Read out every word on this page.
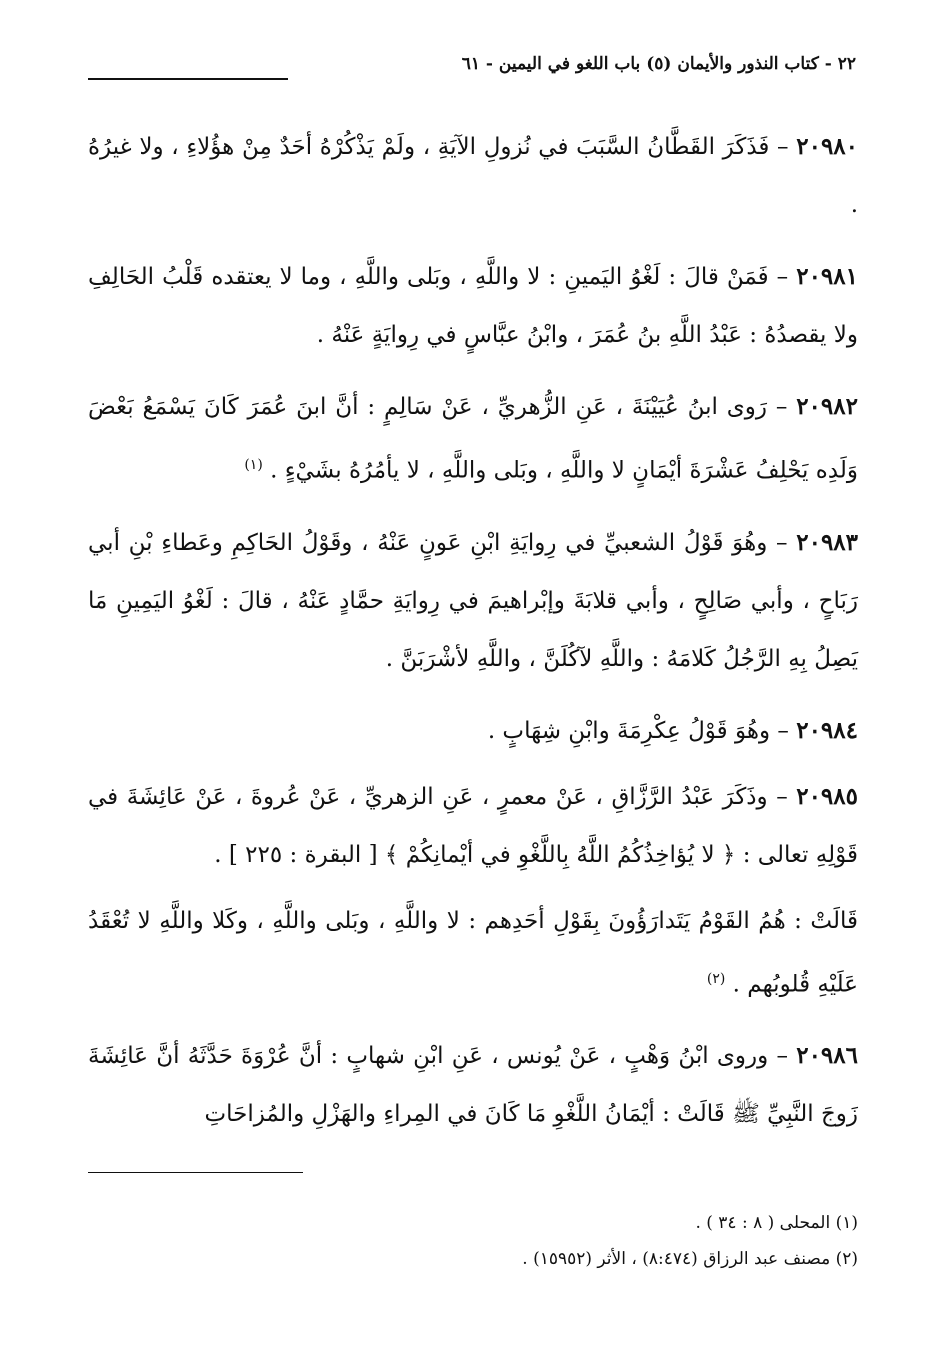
٢٢ - كتاب النذور والأيمان (٥) باب اللغو في اليمين - ٦١

٢٠٩٨٠ – فَذَكَرَ القَطَّانُ السَّبَبَ في نُزولِ الآيَةِ ، ولَمْ يَذْكُرْهُ أحَدٌ مِنْ هؤُلاءِ ، ولا غيرُهُ .

٢٠٩٨١ – فَمَنْ قالَ : لَغْوُ اليَمينِ : لا واللَّهِ ، وبَلى واللَّهِ ، وما لا يعتقده قَلْبُ الحَالِفِ ولا يقصدُهُ : عَبْدُ اللَّهِ بنُ عُمَرَ ، وابْنُ عبَّاسٍ في رِوايَةٍ عَنْهُ .

٢٠٩٨٢ – رَوى ابنُ عُيَيْنَةَ ، عَنِ الزُّهريِّ ، عَنْ سَالِمٍ : أنَّ ابنَ عُمَرَ كَانَ يَسْمَعُ بَعْضَ وَلَدِه يَحْلِفُ عَشْرَةَ أيْمَانٍ لا واللَّهِ ، وبَلى واللَّهِ ، لا يأمُرُهُ بشَيْءٍ . $^{(١)}$

٢٠٩٨٣ – وهُوَ قَوْلُ الشعبيِّ في رِوايَةِ ابْنِ عَونٍ عَنْهُ ، وقَوْلُ الحَاكِمِ وعَطاءِ بْنِ أبي رَبَاحٍ ، وأبي صَالِحٍ ، وأبي قلابَةَ وإبْراهيمَ في رِوايَةِ حمَّادٍ عَنْهُ ، قالَ : لَغْوُ اليَمِينِ مَا يَصِلُ بِهِ الرَّجُلُ كَلامَهُ : واللَّهِ لآكُلَنَّ ، واللَّهِ لأشْرَبَنَّ .

٢٠٩٨٤ – وهُوَ قَوْلُ عِكْرِمَةَ وابْنِ شِهَابٍ .

٢٠٩٨٥ – وذَكَرَ عَبْدُ الرَّزَّاقِ ، عَنْ معمرٍ ، عَنِ الزهريِّ ، عَنْ عُروةَ ، عَنْ عَائِشَةَ في قَوْلِهِ تعالى : ﴿ لا يُؤاخِذُكُمُ اللَّهُ بِاللَّغْوِ في أيْمانِكُمْ ﴾ [ البقرة : ٢٢٥ ] .

قَالَتْ : هُمُ القَوْمُ يَتَدارَؤُونَ بِقَوْلِ أحَدِهم : لا واللَّهِ ، وبَلى واللَّهِ ، وكَلا واللَّهِ لا تُعْقَدُ عَلَيْهِ قُلوبُهم . $^{(٢)}$

٢٠٩٨٦ – وروى ابْنُ وَهْبٍ ، عَنْ يُونس ، عَنِ ابْنِ شهابٍ : أنَّ عُرْوَةَ حَدَّثَهُ أنَّ عَائِشَةَ زَوجَ النَّبِيِّ ﷺ قَالَتْ : أيْمَانُ اللَّغْوِ مَا كَانَ في المِراءِ والهَزْلِ والمُزاحَاتِ

(١) المحلى ( ٨ : ٣٤ ) .
(٢) مصنف عبد الرزاق (٨:٤٧٤) ، الأثر (١٥٩٥٢) .
